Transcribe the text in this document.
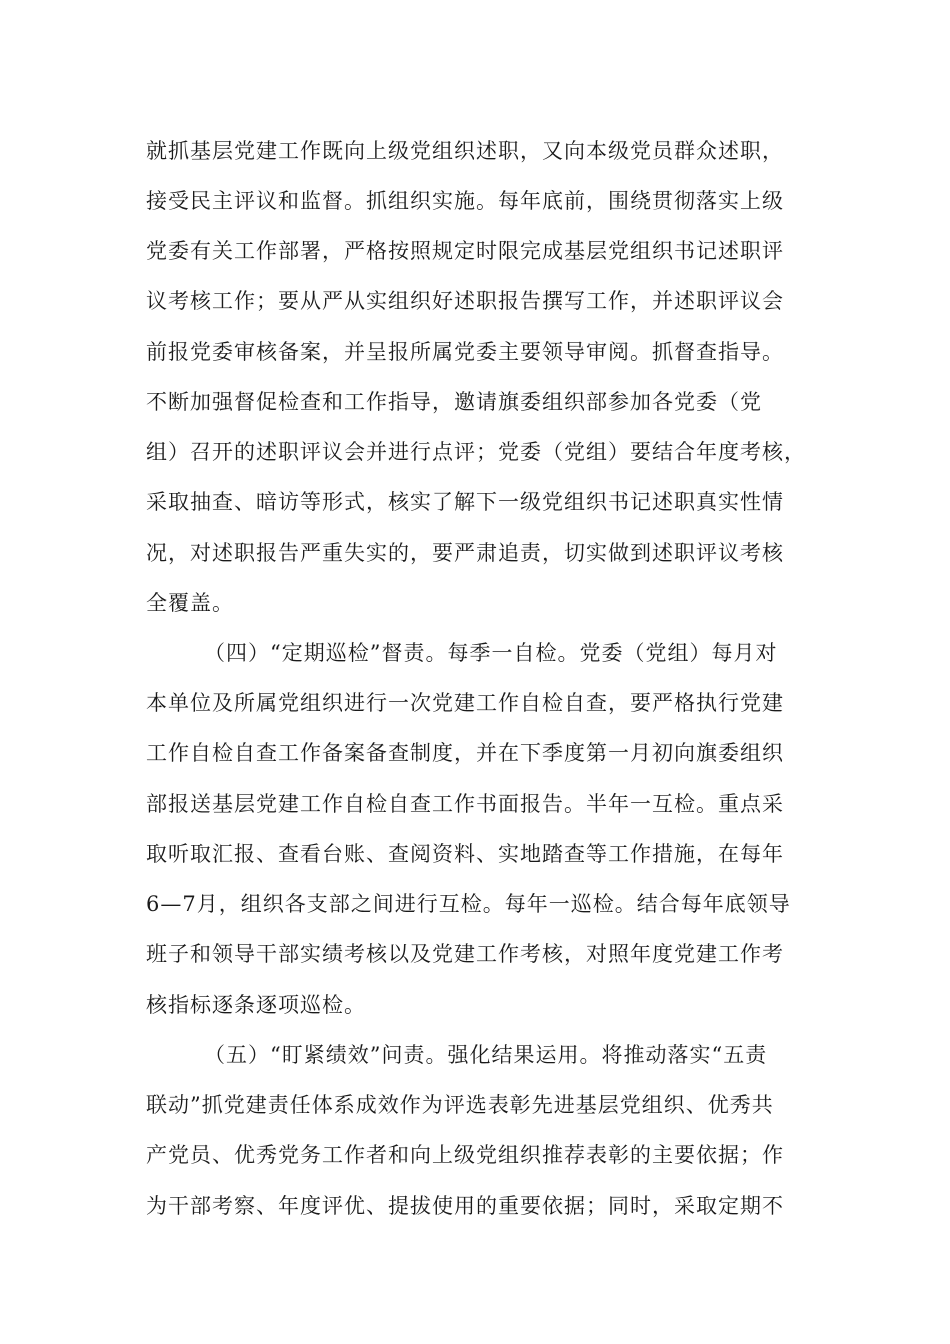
就抓基层党建工作既向上级党组织述职，又向本级党员群众述职，
接受民主评议和监督。抓组织实施。每年底前，围绕贯彻落实上级
党委有关工作部署，严格按照规定时限完成基层党组织书记述职评
议考核工作；要从严从实组织好述职报告撰写工作，并述职评议会
前报党委审核备案，并呈报所属党委主要领导审阅。抓督查指导。
不断加强督促检查和工作指导，邀请旗委组织部参加各党委（党
组）召开的述职评议会并进行点评；党委（党组）要结合年度考核，
采取抽查、暗访等形式，核实了解下一级党组织书记述职真实性情
况，对述职报告严重失实的，要严肃追责，切实做到述职评议考核
全覆盖。
（四）“定期巡检”督责。每季一自检。党委（党组）每月对
本单位及所属党组织进行一次党建工作自检自查，要严格执行党建
工作自检自查工作备案备查制度，并在下季度第一月初向旗委组织
部报送基层党建工作自检自查工作书面报告。半年一互检。重点采
取听取汇报、查看台账、查阅资料、实地踏查等工作措施，在每年
6—7月，组织各支部之间进行互检。每年一巡检。结合每年底领导
班子和领导干部实绩考核以及党建工作考核，对照年度党建工作考
核指标逐条逐项巡检。
（五）“盯紧绩效”问责。强化结果运用。将推动落实“五责
联动”抓党建责任体系成效作为评选表彰先进基层党组织、优秀共
产党员、优秀党务工作者和向上级党组织推荐表彰的主要依据；作
为干部考察、年度评优、提拔使用的重要依据；同时，采取定期不
